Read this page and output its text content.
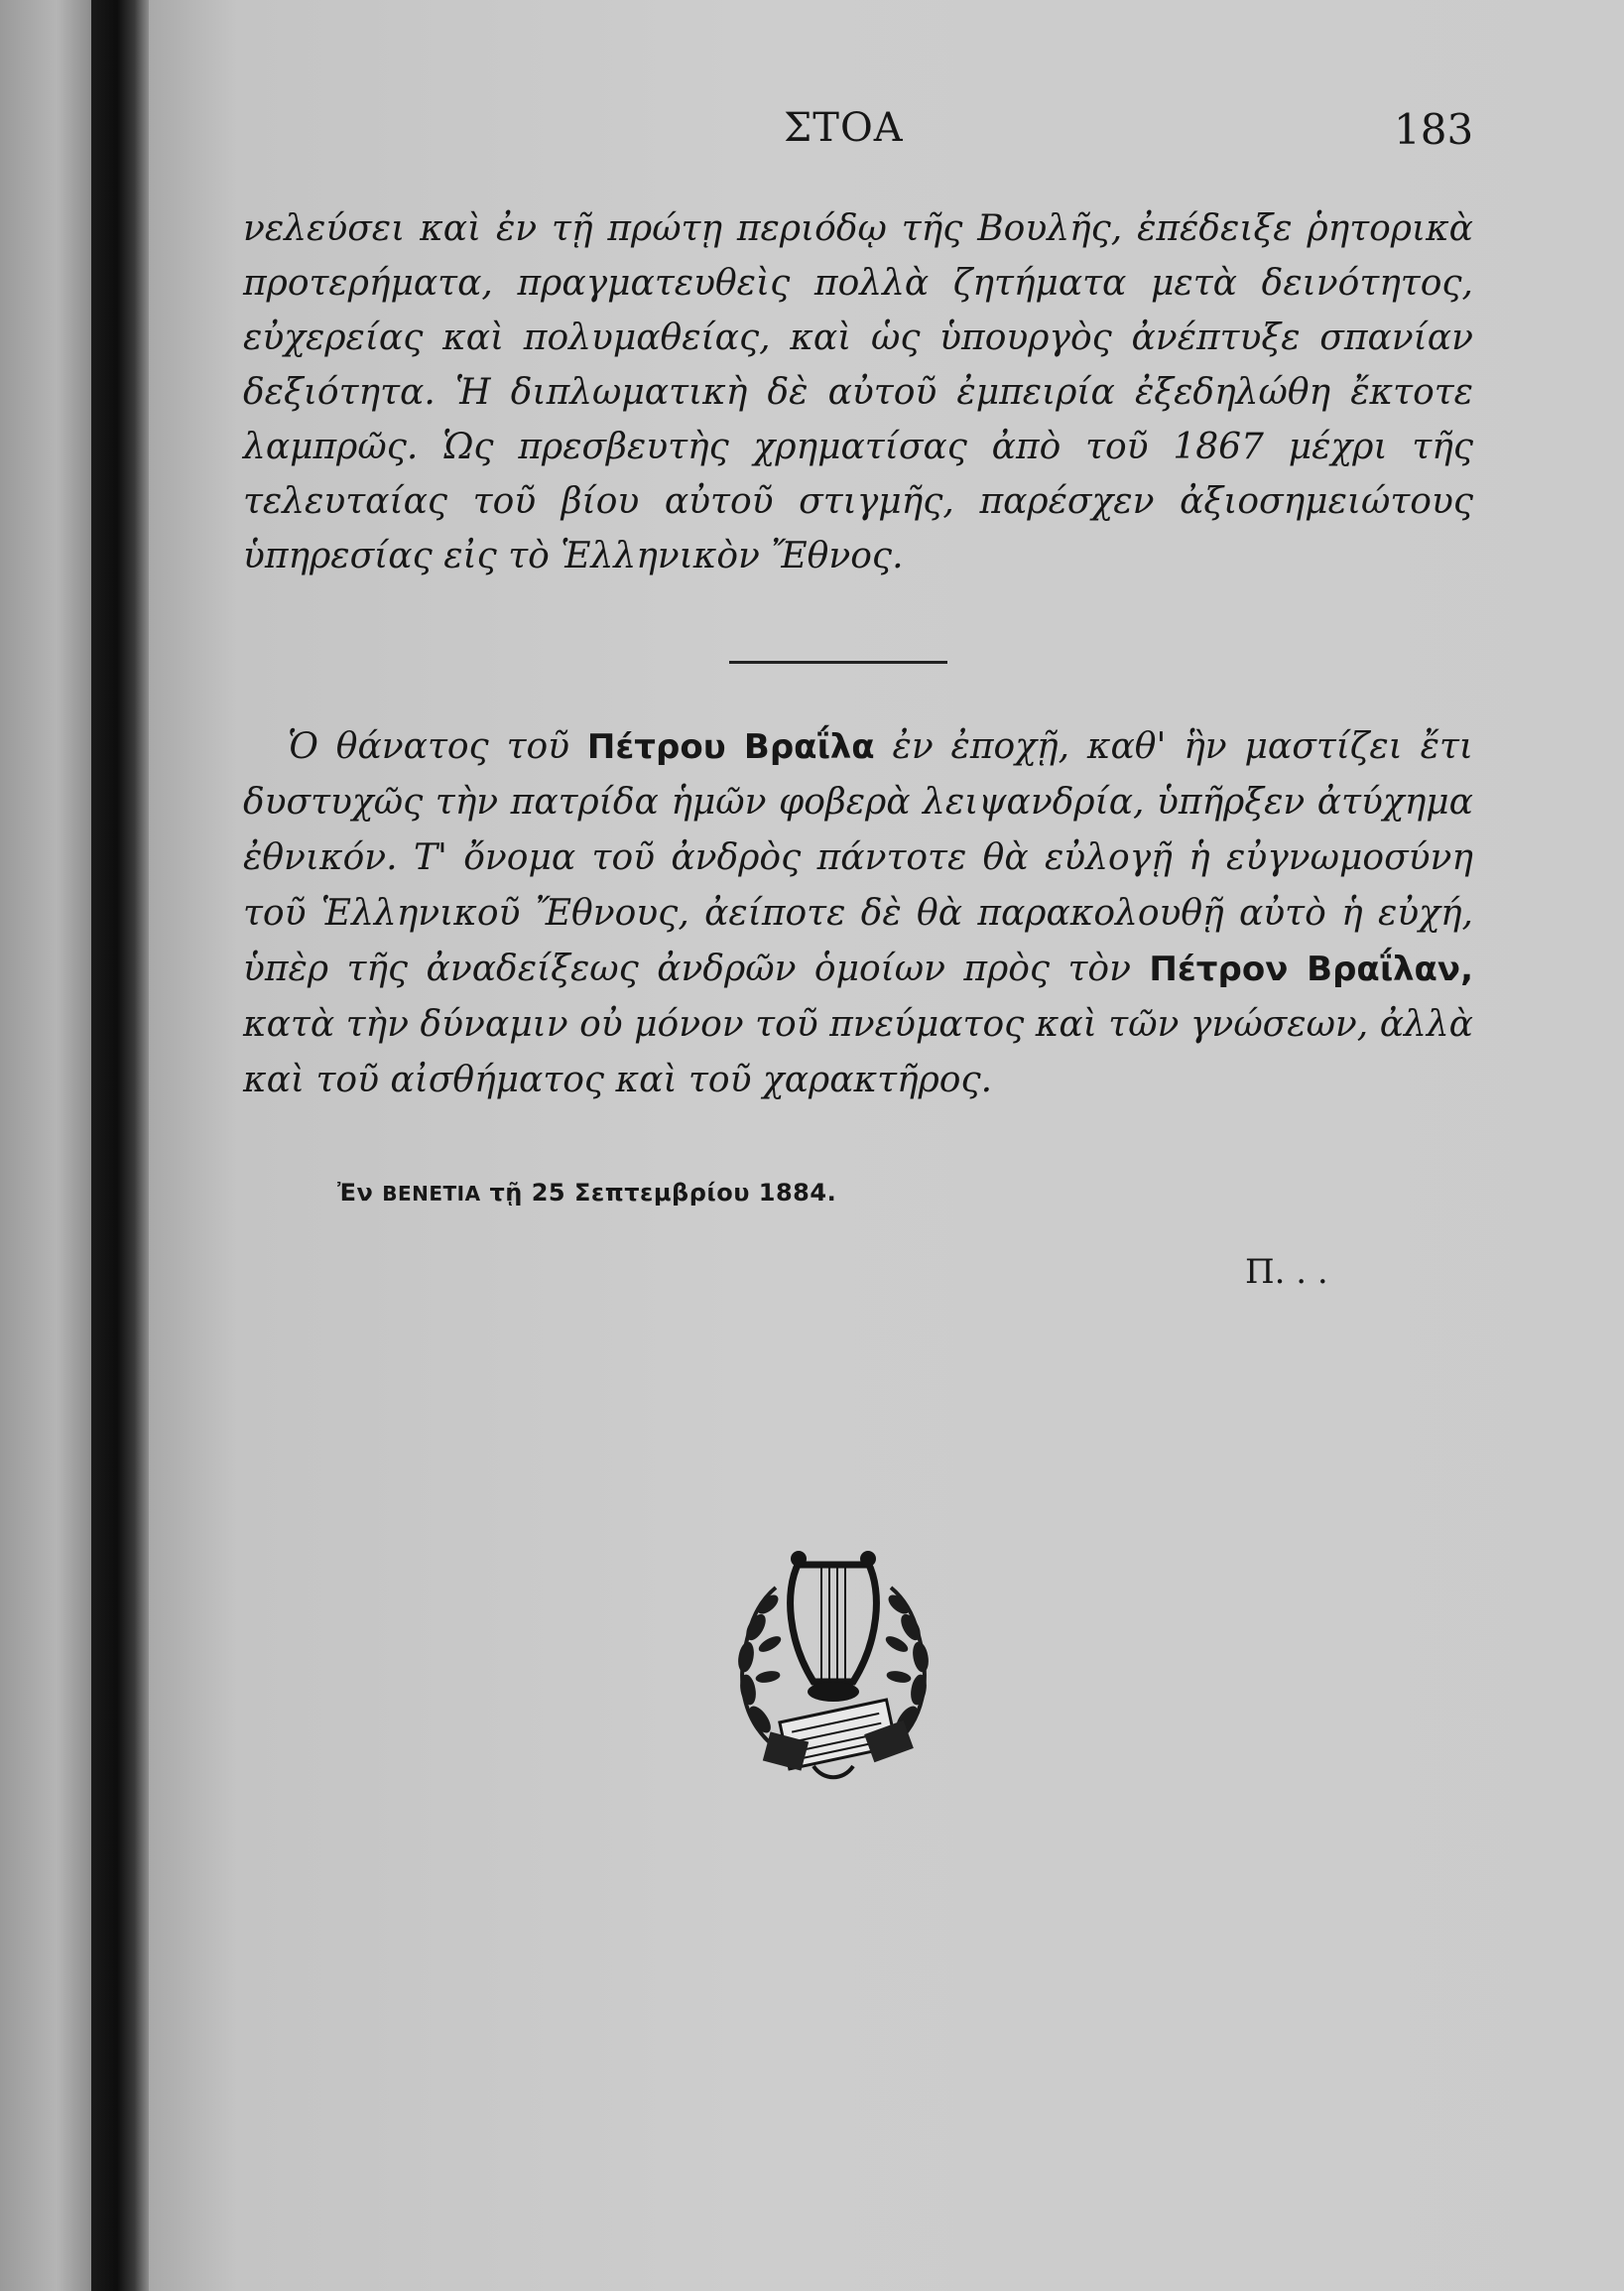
ΣΤΟΑ	183

νελεύσει καὶ ἐν τῇ πρώτῃ περιόδῳ τῆς Βουλῆς, ἐπέδειξε ῥητορικὰ προτερήματα, πραγματευθεὶς πολλὰ ζητήματα μετὰ δεινότητος, εὐχερείας καὶ πολυμαθείας, καὶ ὡς ὑπουργὸς ἀνέπτυξε σπανίαν δεξιότητα. Ἡ διπλωματικὴ δὲ αὐτοῦ ἐμπειρία ἐξεδηλώθη ἔκτοτε λαμπρῶς. Ὡς πρεσβευτὴς χρηματίσας ἀπὸ τοῦ 1867 μέχρι τῆς τελευταίας τοῦ βίου αὐτοῦ στιγμῆς, παρέσχεν ἀξιοσημειώτους ὑπηρεσίας εἰς τὸ Ἑλληνικὸν Ἔθνος.

Ὁ θάνατος τοῦ Πέτρου Βραΐλα ἐν ἐποχῇ, καθ' ἣν μαστίζει ἔτι δυστυχῶς τὴν πατρίδα ἡμῶν φοβερὰ λειψανδρία, ὑπῆρξεν ἀτύχημα ἐθνικόν. Τ' ὄνομα τοῦ ἀνδρὸς πάντοτε θὰ εὐλογῇ ἡ εὐγνωμοσύνη τοῦ Ἑλληνικοῦ Ἔθνους, ἀείποτε δὲ θὰ παρακολουθῇ αὐτὸ ἡ εὐχή, ὑπὲρ τῆς ἀναδείξεως ἀνδρῶν ὁμοίων πρὸς τὸν Πέτρον Βραΐλαν, κατὰ τὴν δύναμιν οὐ μόνον τοῦ πνεύματος καὶ τῶν γνώσεων, ἀλλὰ καὶ τοῦ αἰσθήματος καὶ τοῦ χαρακτῆρος.

Ἐν ΒΕΝΕΤΙΑ τῇ 25 Σεπτεμβρίου 1884.
Π. . .
